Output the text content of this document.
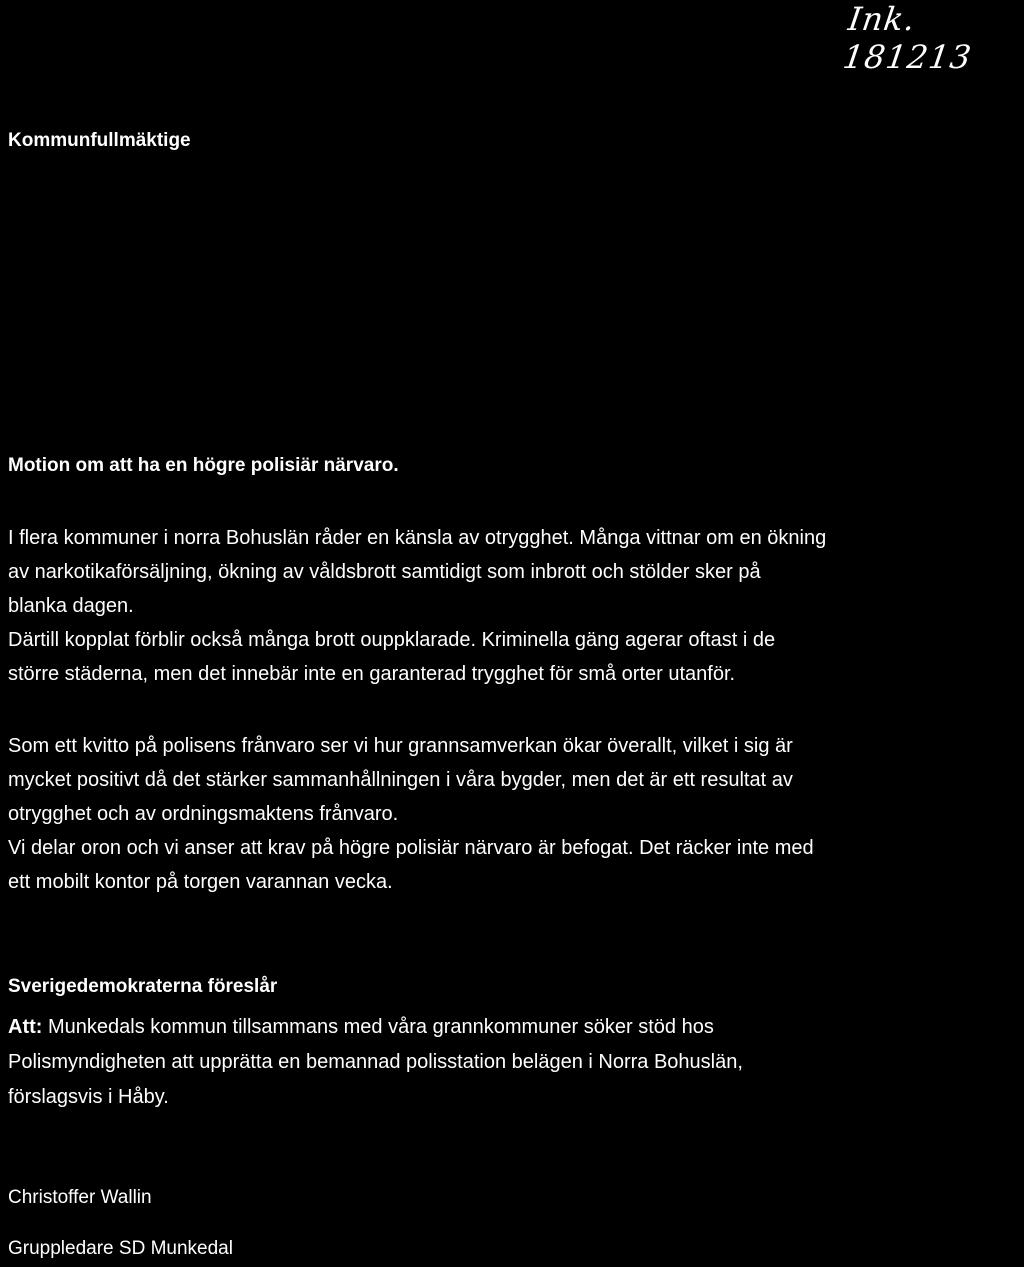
Ink. 181213
Kommunfullmäktige
Motion om att ha en högre polisiär närvaro.
I flera kommuner i norra Bohuslän råder en känsla av otrygghet. Många vittnar om en ökning
av narkotikaförsäljning, ökning av våldsbrott samtidigt som inbrott och stölder sker på
blanka dagen.
Därtill kopplat förblir också många brott ouppklarade. Kriminella gäng agerar oftast i de
större städerna, men det innebär inte en garanterad trygghet för små orter utanför.
Som ett kvitto på polisens frånvaro ser vi hur grannsamverkan ökar överallt, vilket i sig är
mycket positivt då det stärker sammanhållningen i våra bygder, men det är ett resultat av
otrygghet och av ordningsmaktens frånvaro.
Vi delar oron och vi anser att krav på högre polisiär närvaro är befogat. Det räcker inte med
ett mobilt kontor på torgen varannan vecka.
Sverigedemokraterna föreslår
Att: Munkedals kommun tillsammans med våra grannkommuner söker stöd hos
Polismyndigheten att upprätta en bemannad polisstation belägen i Norra Bohuslän,
förslagsvis i Håby.
Christoffer Wallin
Gruppledare SD Munkedal
